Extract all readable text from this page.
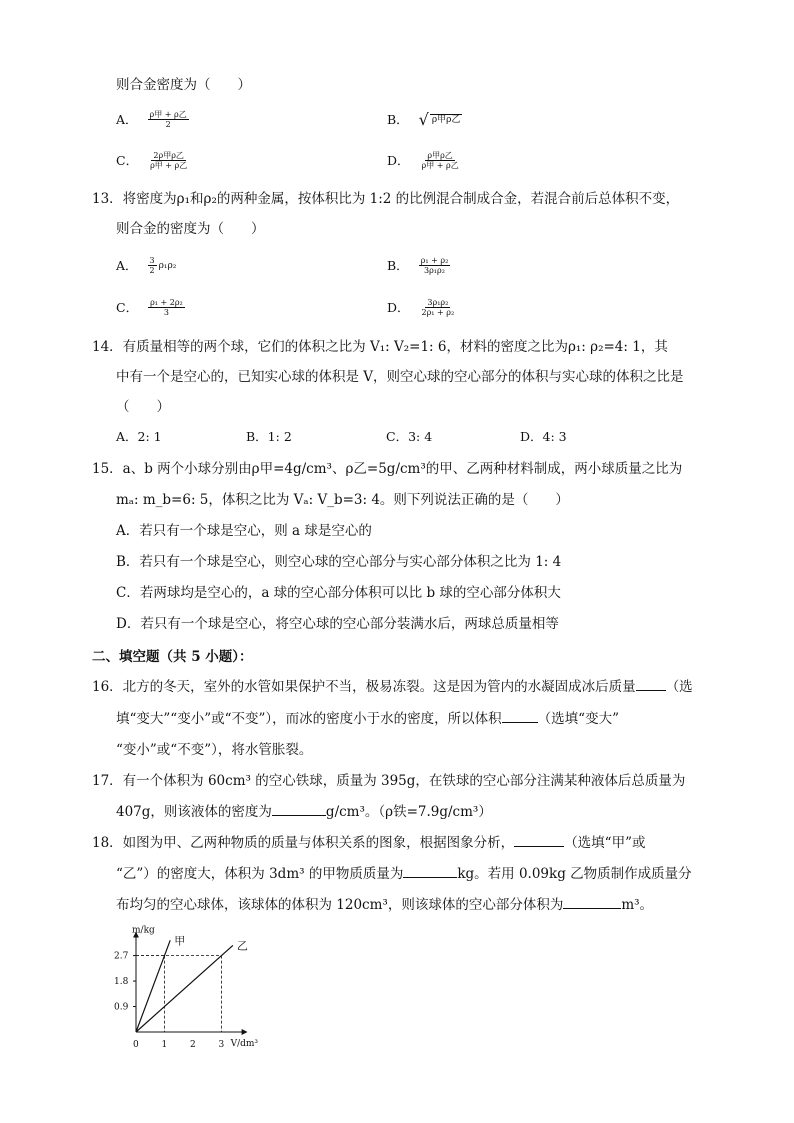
则合金密度为（　　）
A． $\frac{\text{ρ甲 + ρ乙}}{2}$	B． √ ρ甲ρ乙
C． $\frac{\text{2ρ甲ρ乙}}{\text{ρ甲 + ρ乙}}$	D． $\frac{\text{ρ甲ρ乙}}{\text{ρ甲 + ρ乙}}$
13．将密度为ρ₁和ρ₂的两种金属，按体积比为 1:2 的比例混合制成合金，若混合前后总体积不变，
则合金的密度为（　　）
A． $\frac{3}{2} \rho_1\rho_2$	B． $\frac{\text{ρ₁ + ρ₂}}{\text{3ρ₁ρ₂}}$
C． $\frac{\text{ρ₁ + 2ρ₂}}{3}$	D． $\frac{\text{3ρ₁ρ₂}}{\text{2ρ₁ + ρ₂}}$
14．有质量相等的两个球，它们的体积之比为 V₁: V₂=1: 6，材料的密度之比为ρ₁: ρ₂=4: 1，其
中有一个是空心的，已知实心球的体积是 V，则空心球的空心部分的体积与实心球的体积之比是
（　　）
A．2: 1	B．1: 2	C．3: 4	D．4: 3
15．a、b 两个小球分别由ρ甲=4g/cm³、ρ乙=5g/cm³的甲、乙两种材料制成，两小球质量之比为
mₐ: m_b=6: 5，体积之比为 Vₐ: V_b=3: 4。则下列说法正确的是（　　）
A．若只有一个球是空心，则 a 球是空心的
B．若只有一个球是空心，则空心球的空心部分与实心部分体积之比为 1: 4
C．若两球均是空心的，a 球的空心部分体积可以比 b 球的空心部分体积大
D．若只有一个球是空心，将空心球的空心部分装满水后，两球总质量相等
二、填空题（共 5 小题）：
16．北方的冬天，室外的水管如果保护不当，极易冻裂。这是因为管内的水凝固成冰后质量 （选
填“变大”“变小”或“不变”），而冰的密度小于水的密度，所以体积	（选填“变大”
“变小”或“不变”），将水管胀裂。
17．有一个体积为 60cm³ 的空心铁球，质量为 395g，在铁球的空心部分注满某种液体后总质量为
407g，则该液体的密度为	g/cm³。（ρ铁=7.9g/cm³）
18．如图为甲、乙两种物质的质量与体积关系的图象，根据图象分析，	（选填“甲”或
“乙”）的密度大，体积为 3dm³ 的甲物质质量为	kg。若用 0.09kg 乙物质制作成质量分
布均匀的空心球体，该球体的体积为 120cm³，则该球体的空心部分体积为	m³。
m/kg
V/dm³
0	1	2	3
0.9
1.8
2.7
甲	乙
